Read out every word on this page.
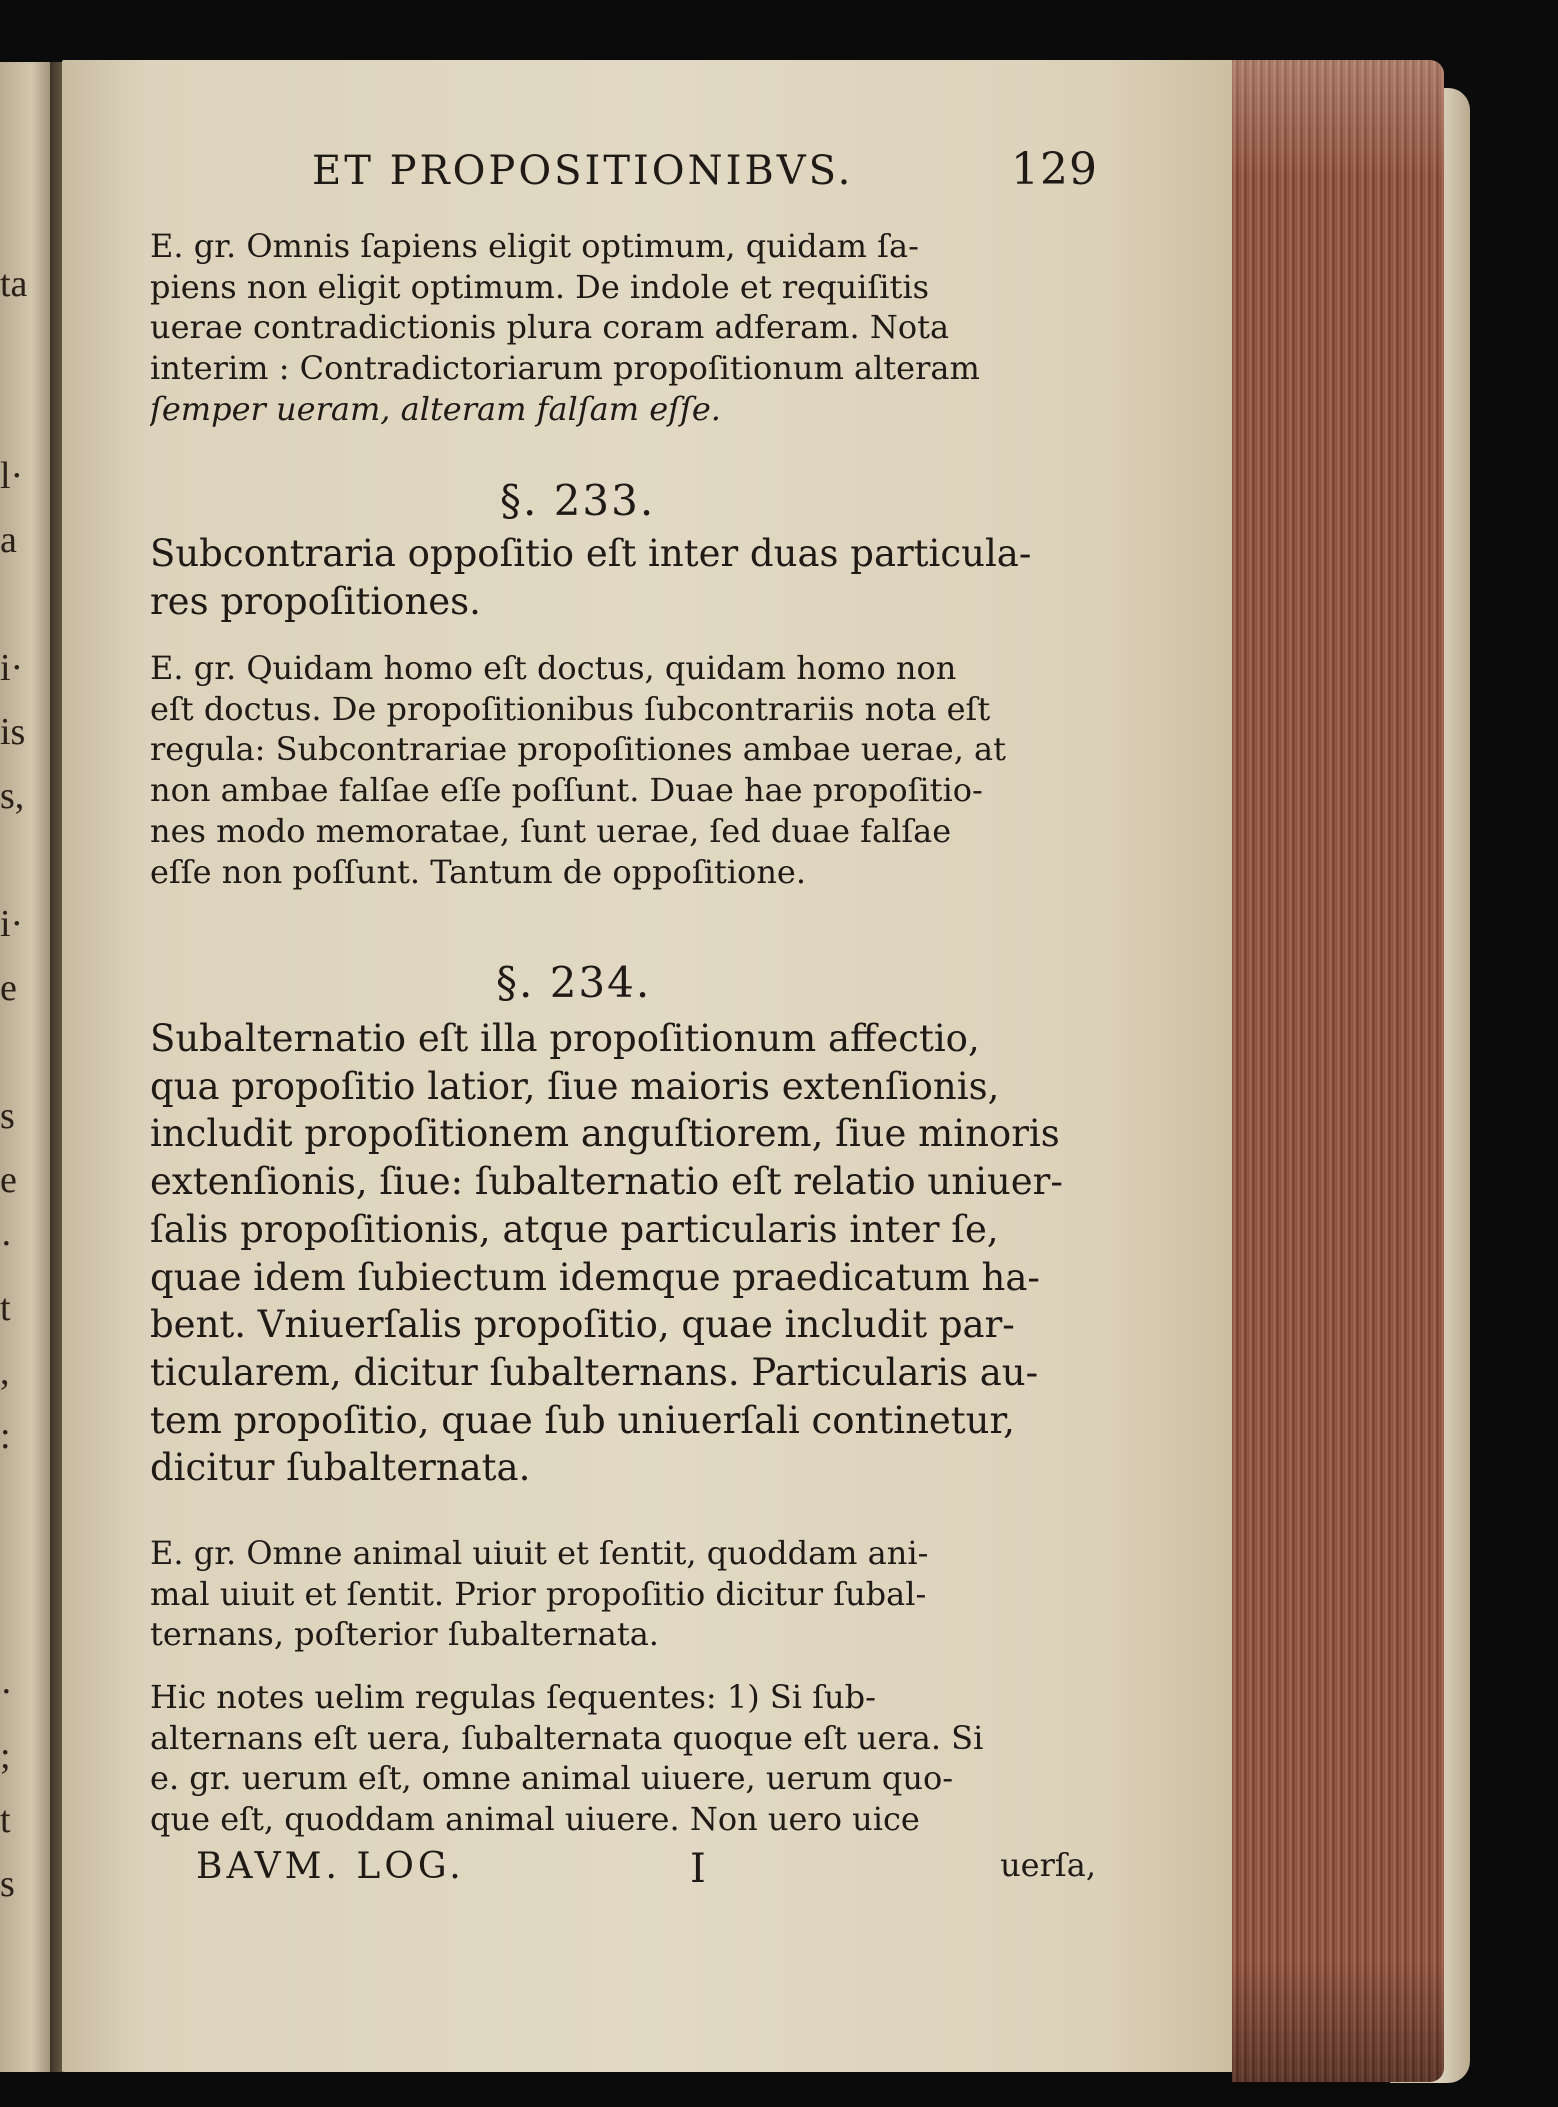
ta
l·
a
i·
is
s,
i·
e
s
e
·
t
,
:
·
;
t
s
ET PROPOSITIONIBVS.	129
E. gr. Omnis ſapiens eligit optimum, quidam ſa-
piens non eligit optimum. De indole et requiſitis
uerae contradictionis plura coram adferam. Nota
interim : Contradictoriarum propoſitionum alteram
ſemper ueram, alteram falſam eſſe.
§. 233.
Subcontraria oppoſitio eſt inter duas particula-
res propoſitiones.
E. gr. Quidam homo eſt doctus, quidam homo non
eſt doctus. De propoſitionibus ſubcontrariis nota eſt
regula: Subcontrariae propoſitiones ambae uerae, at
non ambae falſae eſſe poſſunt. Duae hae propoſitio-
nes modo memoratae, ſunt uerae, ſed duae falſae
eſſe non poſſunt. Tantum de oppoſitione.
§. 234.
Subalternatio eſt illa propoſitionum affectio,
qua propoſitio latior, ſiue maioris extenſionis,
includit propoſitionem anguſtiorem, ſiue minoris
extenſionis, ſiue: ſubalternatio eſt relatio uniuer-
ſalis propoſitionis, atque particularis inter ſe,
quae idem ſubiectum idemque praedicatum ha-
bent. Vniuerſalis propoſitio, quae includit par-
ticularem, dicitur ſubalternans. Particularis au-
tem propoſitio, quae ſub uniuerſali continetur,
dicitur ſubalternata.
E. gr. Omne animal uiuit et ſentit, quoddam ani-
mal uiuit et ſentit. Prior propoſitio dicitur ſubal-
ternans, poſterior ſubalternata.
Hic notes uelim regulas ſequentes: 1) Si ſub-
alternans eſt uera, ſubalternata quoque eſt uera. Si
e. gr. uerum eſt, omne animal uiuere, uerum quo-
que eſt, quoddam animal uiuere. Non uero uice
BAVM. LOG.	I	uerſa,
